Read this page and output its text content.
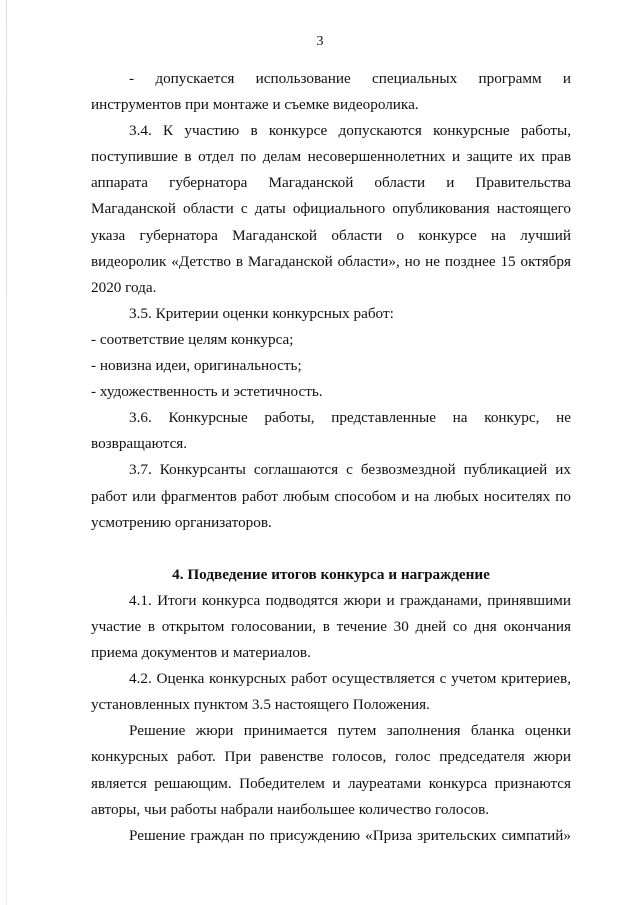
3

- допускается использование специальных программ и инструментов при монтаже и съемке видеоролика.

3.4. К участию в конкурсе допускаются конкурсные работы, поступившие в отдел по делам несовершеннолетних и защите их прав аппарата губернатора Магаданской области и Правительства Магаданской области с даты официального опубликования настоящего указа губернатора Магаданской области о конкурсе на лучший видеоролик «Детство в Магаданской области», но не позднее 15 октября 2020 года.

3.5. Критерии оценки конкурсных работ:

- соответствие целям конкурса;

- новизна идеи, оригинальность;

- художественность и эстетичность.

3.6. Конкурсные работы, представленные на конкурс, не возвращаются.

3.7. Конкурсанты соглашаются с безвозмездной публикацией их работ или фрагментов работ любым способом и на любых носителях по усмотрению организаторов.

4. Подведение итогов конкурса и награждение

4.1. Итоги конкурса подводятся жюри и гражданами, принявшими участие в открытом голосовании, в течение 30 дней со дня окончания приема документов и материалов.

4.2. Оценка конкурсных работ осуществляется с учетом критериев, установленных пунктом 3.5 настоящего Положения.

Решение жюри принимается путем заполнения бланка оценки конкурсных работ. При равенстве голосов, голос председателя жюри является решающим. Победителем и лауреатами конкурса признаются авторы, чьи работы набрали наибольшее количество голосов.

Решение граждан по присуждению «Приза зрительских симпатий»
